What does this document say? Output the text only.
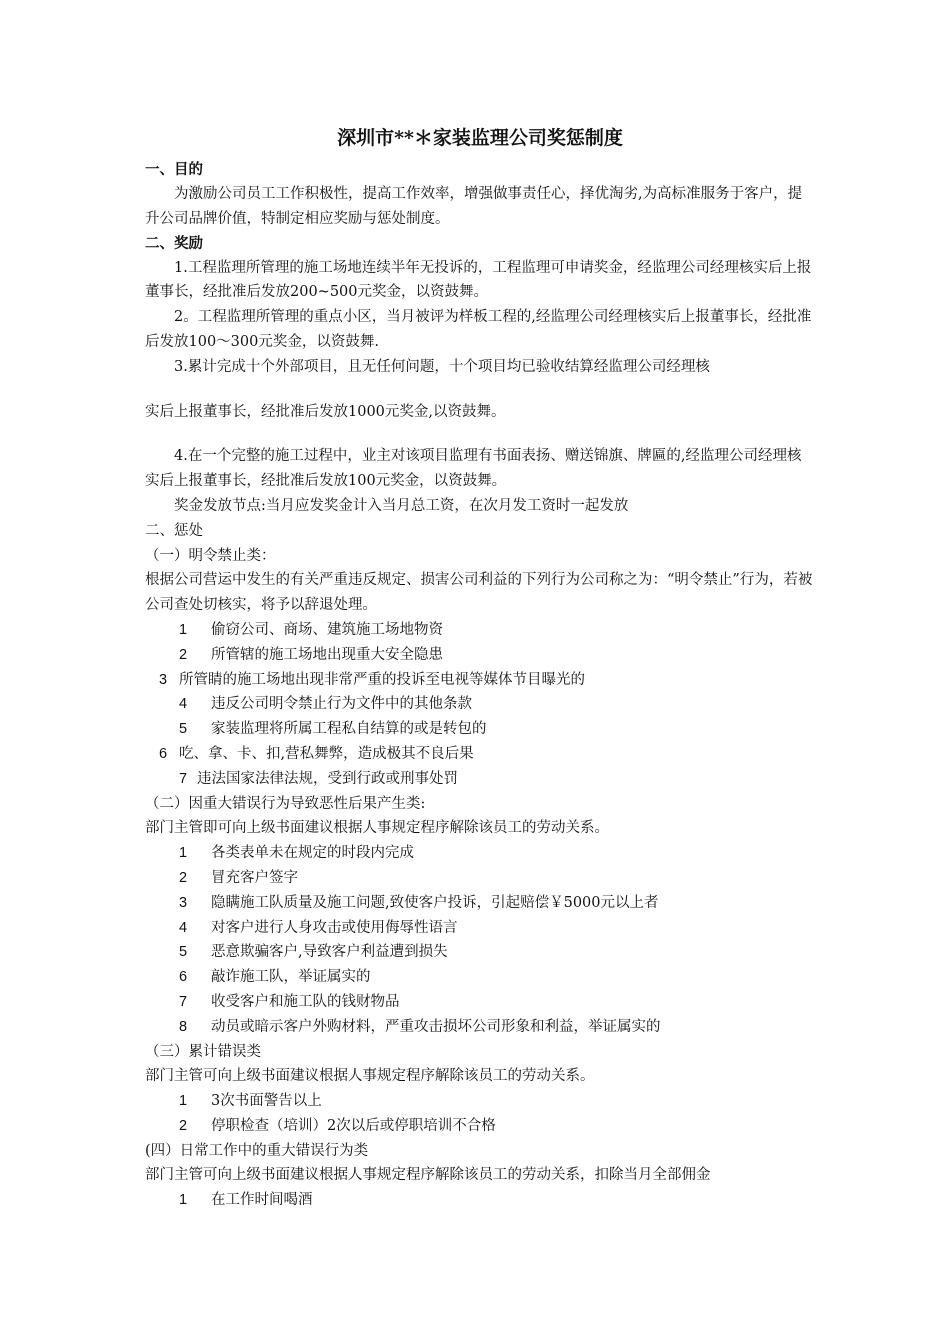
深圳市**＊家装监理公司奖惩制度

一、目的

为激励公司员工工作积极性，提高工作效率，增强做事责任心，择优淘劣,为高标准服务于客户，提升公司品牌价值，特制定相应奖励与惩处制度。

二、奖励

1.工程监理所管理的施工场地连续半年无投诉的，工程监理可申请奖金，经监理公司经理核实后上报董事长，经批准后发放200~500元奖金，以资鼓舞。

2。工程监理所管理的重点小区，当月被评为样板工程的,经监理公司经理核实后上报董事长，经批准后发放100～300元奖金，以资鼓舞.

3.累计完成十个外部项目，且无任何问题，十个项目均已验收结算经监理公司经理核

实后上报董事长，经批准后发放1000元奖金,以资鼓舞。

4.在一个完整的施工过程中，业主对该项目监理有书面表扬、赠送锦旗、牌匾的,经监理公司经理核实后上报董事长，经批准后发放100元奖金，以资鼓舞。

奖金发放节点:当月应发奖金计入当月总工资，在次月发工资时一起发放

二、惩处

（一）明令禁止类：

根据公司营运中发生的有关严重违反规定、损害公司利益的下列行为公司称之为：“明令禁止”行为，若被公司查处切核实，将予以辞退处理。

1	偷窃公司、商场、建筑施工场地物资

2	所管辖的施工场地出现重大安全隐患

3 所管睛的施工场地出现非常严重的投诉至电视等媒体节目曝光的

4	违反公司明令禁止行为文件中的其他条款

5	家装监理将所属工程私自结算的或是转包的

6 吃、拿、卡、扣,营私舞弊，造成极其不良后果

7 违法国家法律法规，受到行政或刑事处罚

（二）因重大错误行为导致恶性后果产生类:

部门主管即可向上级书面建议根据人事规定程序解除该员工的劳动关系。

1	各类表单未在规定的时段内完成

2	冒充客户签字

3	隐瞒施工队质量及施工问题,致使客户投诉，引起赔偿￥5000元以上者

4	对客户进行人身攻击或使用侮辱性语言

5	恶意欺骗客户,导致客户利益遭到损失

6	敲诈施工队，举证属实的

7	收受客户和施工队的钱财物品

8	动员或暗示客户外购材料，严重攻击损坏公司形象和利益，举证属实的

（三）累计错误类

部门主管可向上级书面建议根据人事规定程序解除该员工的劳动关系。

1	3次书面警告以上

2	停职检查（培训）2次以后或停职培训不合格

(四）日常工作中的重大错误行为类

部门主管可向上级书面建议根据人事规定程序解除该员工的劳动关系，扣除当月全部佣金

1	在工作时间喝酒
